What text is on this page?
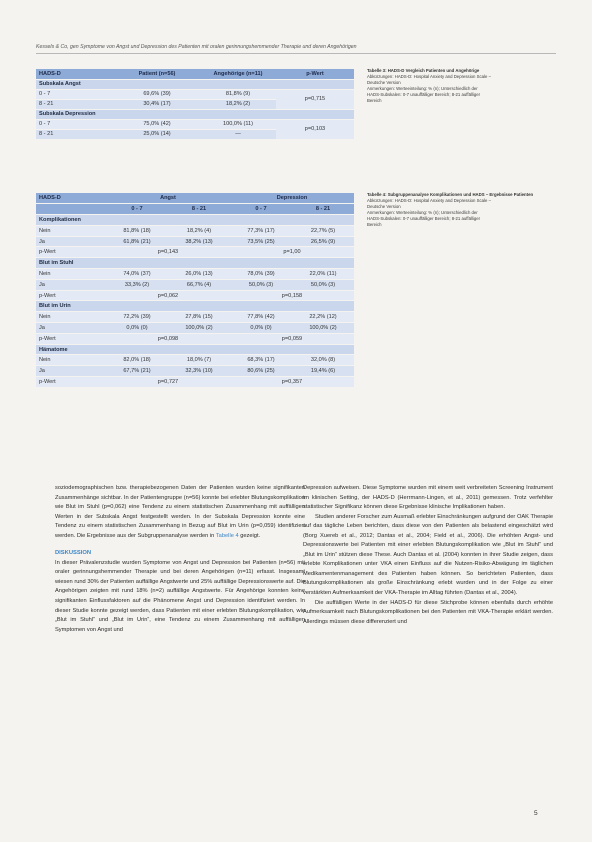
Kessels & Co, gen Symptome von Angst und Depression des Patienten mit oralen gerinnungshemmender Therapie und deren Angehörigen
HADS-D	Patient (n=56)	Angehörige (n=11)	p-Wert
Subskala Angst			
0 - 7	69,6% (39)	81,8% (9)	p=0,715
8 - 21	30,4% (17)	18,2% (2)	
Subskala Depression			
0 - 7	75,0% (42)	100,0% (11)	p=0,103
8 - 21	25,0% (14)	—	
Tabelle 3: HADS-D Vergleich Patienten und Angehörige
Abkürzungen: HADS-D: Hospital Anxiety and Depression Scale –
Deutsche Version
Anmerkungen: Werteeinteilung: % (n); Unterschiedlich der
HADS-Subskalen: 0-7 unauffälliger Bereich; 8-21 auffälliger
Bereich
HADS-D	Angst		Depression	
	0 - 7	8 - 21	0 - 7	8 - 21
Komplikationen				
Nein	81,8% (18)	18,2% (4)	77,3% (17)	22,7% (5)
Ja	61,8% (21)	38,2% (13)	73,5% (25)	26,5% (9)
p-Wert	p=0,143		p=1,00	
Blut im Stuhl				
Nein	74,0% (37)	26,0% (13)	78,0% (39)	22,0% (11)
Ja	33,3% (2)	66,7% (4)	50,0% (3)	50,0% (3)
p-Wert	p=0,062		p=0,158	
Blut im Urin				
Nein	72,2% (39)	27,8% (15)	77,8% (42)	22,2% (12)
Ja	0,0% (0)	100,0% (2)	0,0% (0)	100,0% (2)
p-Wert	p=0,098		p=0,059	
Hämatome				
Nein	82,0% (18)	18,0% (7)	68,3% (17)	32,0% (8)
Ja	67,7% (21)	32,3% (10)	80,6% (25)	19,4% (6)
p-Wert	p=0,727		p=0,357	
Tabelle 4: Subgruppenanalyse Komplikationen und HADS – Ergebnisse Patienten
Abkürzungen: HADS-D: Hospital Anxiety and Depression Scale –
Deutsche Version
Anmerkungen: Werteeinteilung: % (n); Unterschiedlich der
HADS-Subskalen: 0-7 unauffälliger Bereich; 8-21 auffälliger
Bereich

soziodemographischen bzw. therapiebezogenen Daten der Patienten wurden keine signifikanten Zusammenhänge sichtbar. In der Patientengruppe (n=56) konnte bei erlebter Blutungskomplikation wie Blut im Stuhl (p=0,062) eine Tendenz zu einem statistischen Zusammenhang mit auffälligen Werten in der Subskala Angst festgestellt werden. In der Subskala Depression konnte eine Tendenz zu einem statistischen Zusammenhang in Bezug auf Blut im Urin (p=0,059) identifiziert werden. Die Ergebnisse aus der Subgruppenanalyse werden in Tabelle 4 gezeigt.

DISKUSSION

In dieser Prävalenzstudie wurden Symptome von Angst und Depression bei Patienten (n=56) mit oraler gerinnungshemmender Therapie und bei deren Angehörigen (n=11) erfasst. Insgesamt wiesen rund 30% der Patienten auffällige Angstwerte und 25% auffällige Depressionswerte auf. Die Angehörigen zeigten mit rund 18% (n=2) auffällige Angstwerte. Für Angehörige konnten keine signifikanten Einflussfaktoren auf die Phänomene Angst und Depression identifiziert werden. In dieser Studie konnte gezeigt werden, dass Patienten mit einer erlebten Blutungskomplikation, wie „Blut im Stuhl“ und „Blut im Urin“, eine Tendenz zu einem Zusammenhang mit auffälligen Symptomen von Angst und

Depression aufweisen. Diese Symptome wurden mit einem weit verbreiteten Screening Instrument im klinischen Setting, der HADS-D (Herrmann-Lingen, et al., 2011) gemessen. Trotz verfehlter statistischer Signifikanz können diese Ergebnisse klinische Implikationen haben.

Studien anderer Forscher zum Ausmaß erlebter Einschränkungen aufgrund der OAK Therapie auf das tägliche Leben berichten, dass diese von den Patienten als belastend eingeschätzt wird (Borg Xuereb et al., 2012; Dantas et al., 2004; Field et al., 2006). Die erhöhten Angst- und Depressionswerte bei Patienten mit einer erlebten Blutungskomplikation wie „Blut im Stuhl“ und „Blut im Urin“ stützen diese These. Auch Dantas et al. (2004) konnten in ihrer Studie zeigen, dass erlebte Komplikationen unter VKA einen Einfluss auf die Nutzen-Risiko-Abwägung im täglichen Medikamentenmanagement des Patienten haben können. So berichteten Patienten, dass Blutungskomplikationen als große Einschränkung erlebt wurden und in der Folge zu einer verstärkten Aufmerksamkeit der VKA-Therapie im Alltag führten (Dantas et al., 2004).

Die auffälligen Werte in der HADS-D für diese Stichprobe können ebenfalls durch erhöhte Aufmerksamkeit nach Blutungskomplikationen bei den Patienten mit VKA-Therapie erklärt werden. Allerdings müssen diese differenziert und

5
